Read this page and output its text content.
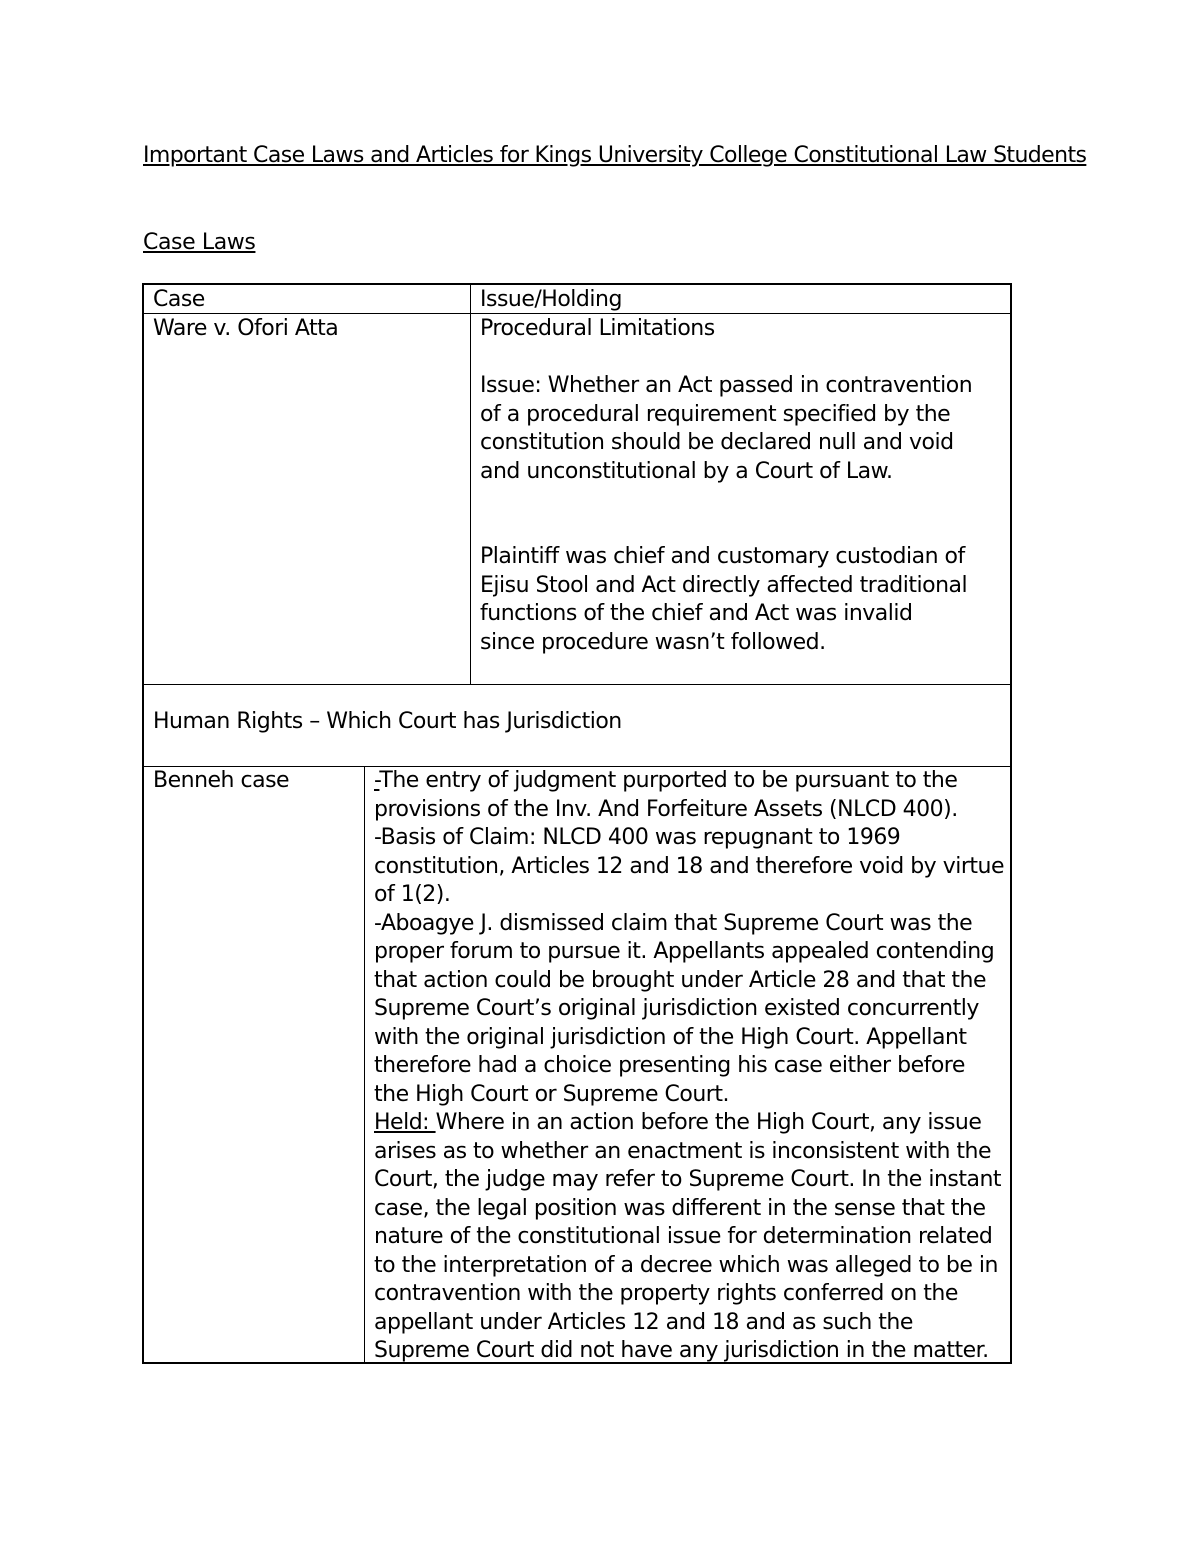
Important Case Laws and Articles for Kings University College Constitutional Law Students
Case Laws
Case	Issue/Holding
Ware v. Ofori Atta	Procedural Limitations

Issue: Whether an Act passed in contravention of a procedural requirement specified by the constitution should be declared null and void and unconstitutional by a Court of Law.

Plaintiff was chief and customary custodian of Ejisu Stool and Act directly affected traditional functions of the chief and Act was invalid since procedure wasn’t followed.

Human Rights – Which Court has Jurisdiction
Benneh case	-The entry of judgment purported to be pursuant to the provisions of the Inv. And Forfeiture Assets (NLCD 400).

-Basis of Claim: NLCD 400 was repugnant to 1969 constitution, Articles 12 and 18 and therefore void by virtue of 1(2).

-Aboagye J. dismissed claim that Supreme Court was the proper forum to pursue it. Appellants appealed contending that action could be brought under Article 28 and that the Supreme Court’s original jurisdiction existed concurrently with the original jurisdiction of the High Court. Appellant therefore had a choice presenting his case either before the High Court or Supreme Court.

Held: Where in an action before the High Court, any issue arises as to whether an enactment is inconsistent with the Court, the judge may refer to Supreme Court. In the instant case, the legal position was different in the sense that the nature of the constitutional issue for determination related to the interpretation of a decree which was alleged to be in contravention with the property rights conferred on the appellant under Articles 12 and 18 and as such the Supreme Court did not have any jurisdiction in the matter.
